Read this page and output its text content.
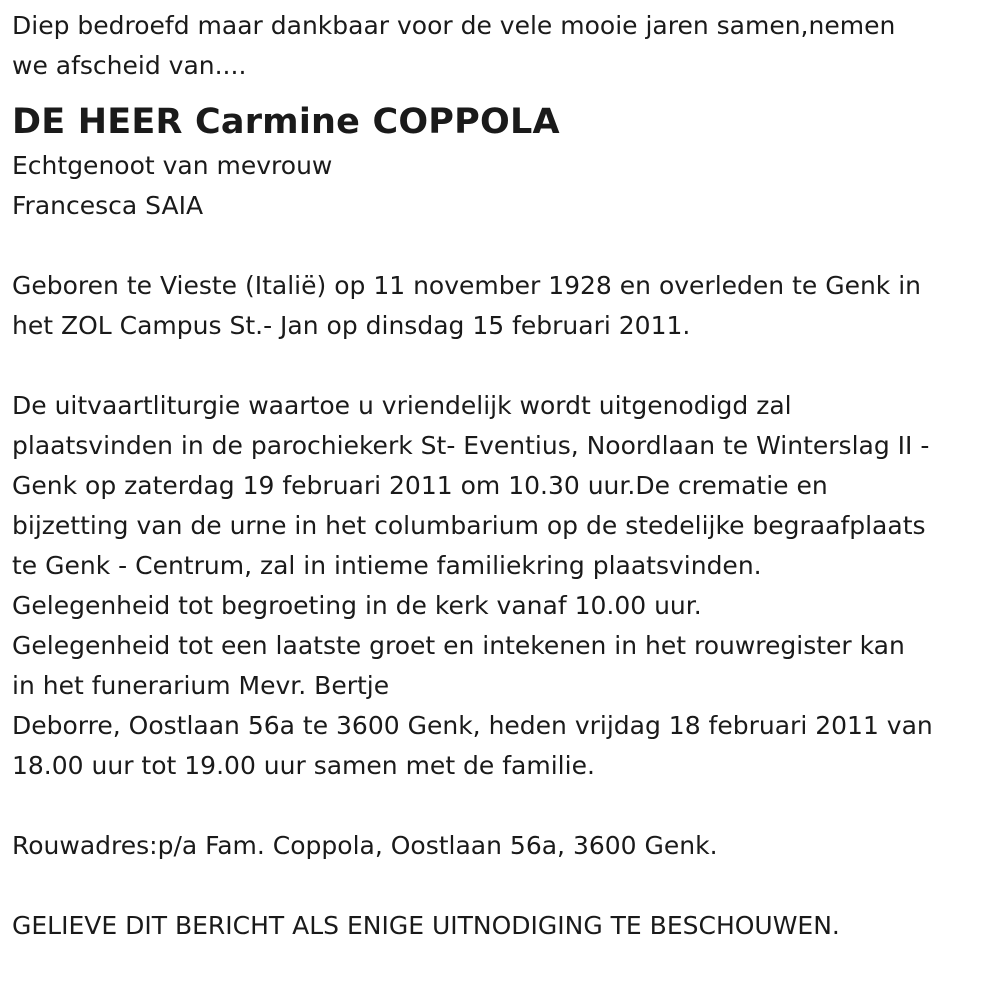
Diep bedroefd maar dankbaar voor de vele mooie jaren samen,nemen
we afscheid van....
DE HEER Carmine COPPOLA
Echtgenoot van mevrouw
Francesca SAIA
Geboren te Vieste (Italië) op 11 november 1928 en overleden te Genk in
het ZOL Campus St.- Jan op dinsdag 15 februari 2011.
De uitvaartliturgie waartoe u vriendelijk wordt uitgenodigd zal
plaatsvinden in de parochiekerk St- Eventius, Noordlaan te Winterslag II -
Genk op zaterdag 19 februari 2011 om 10.30 uur.De crematie en
bijzetting van de urne in het columbarium op de stedelijke begraafplaats
te Genk - Centrum, zal in intieme familiekring plaatsvinden.
Gelegenheid tot begroeting in de kerk vanaf 10.00 uur.
Gelegenheid tot een laatste groet en intekenen in het rouwregister kan
in het funerarium Mevr. Bertje
Deborre, Oostlaan 56a te 3600 Genk, heden vrijdag 18 februari 2011 van
18.00 uur tot 19.00 uur samen met de familie.
Rouwadres:p/a Fam. Coppola, Oostlaan 56a, 3600 Genk.
GELIEVE DIT BERICHT ALS ENIGE UITNODIGING TE BESCHOUWEN.
